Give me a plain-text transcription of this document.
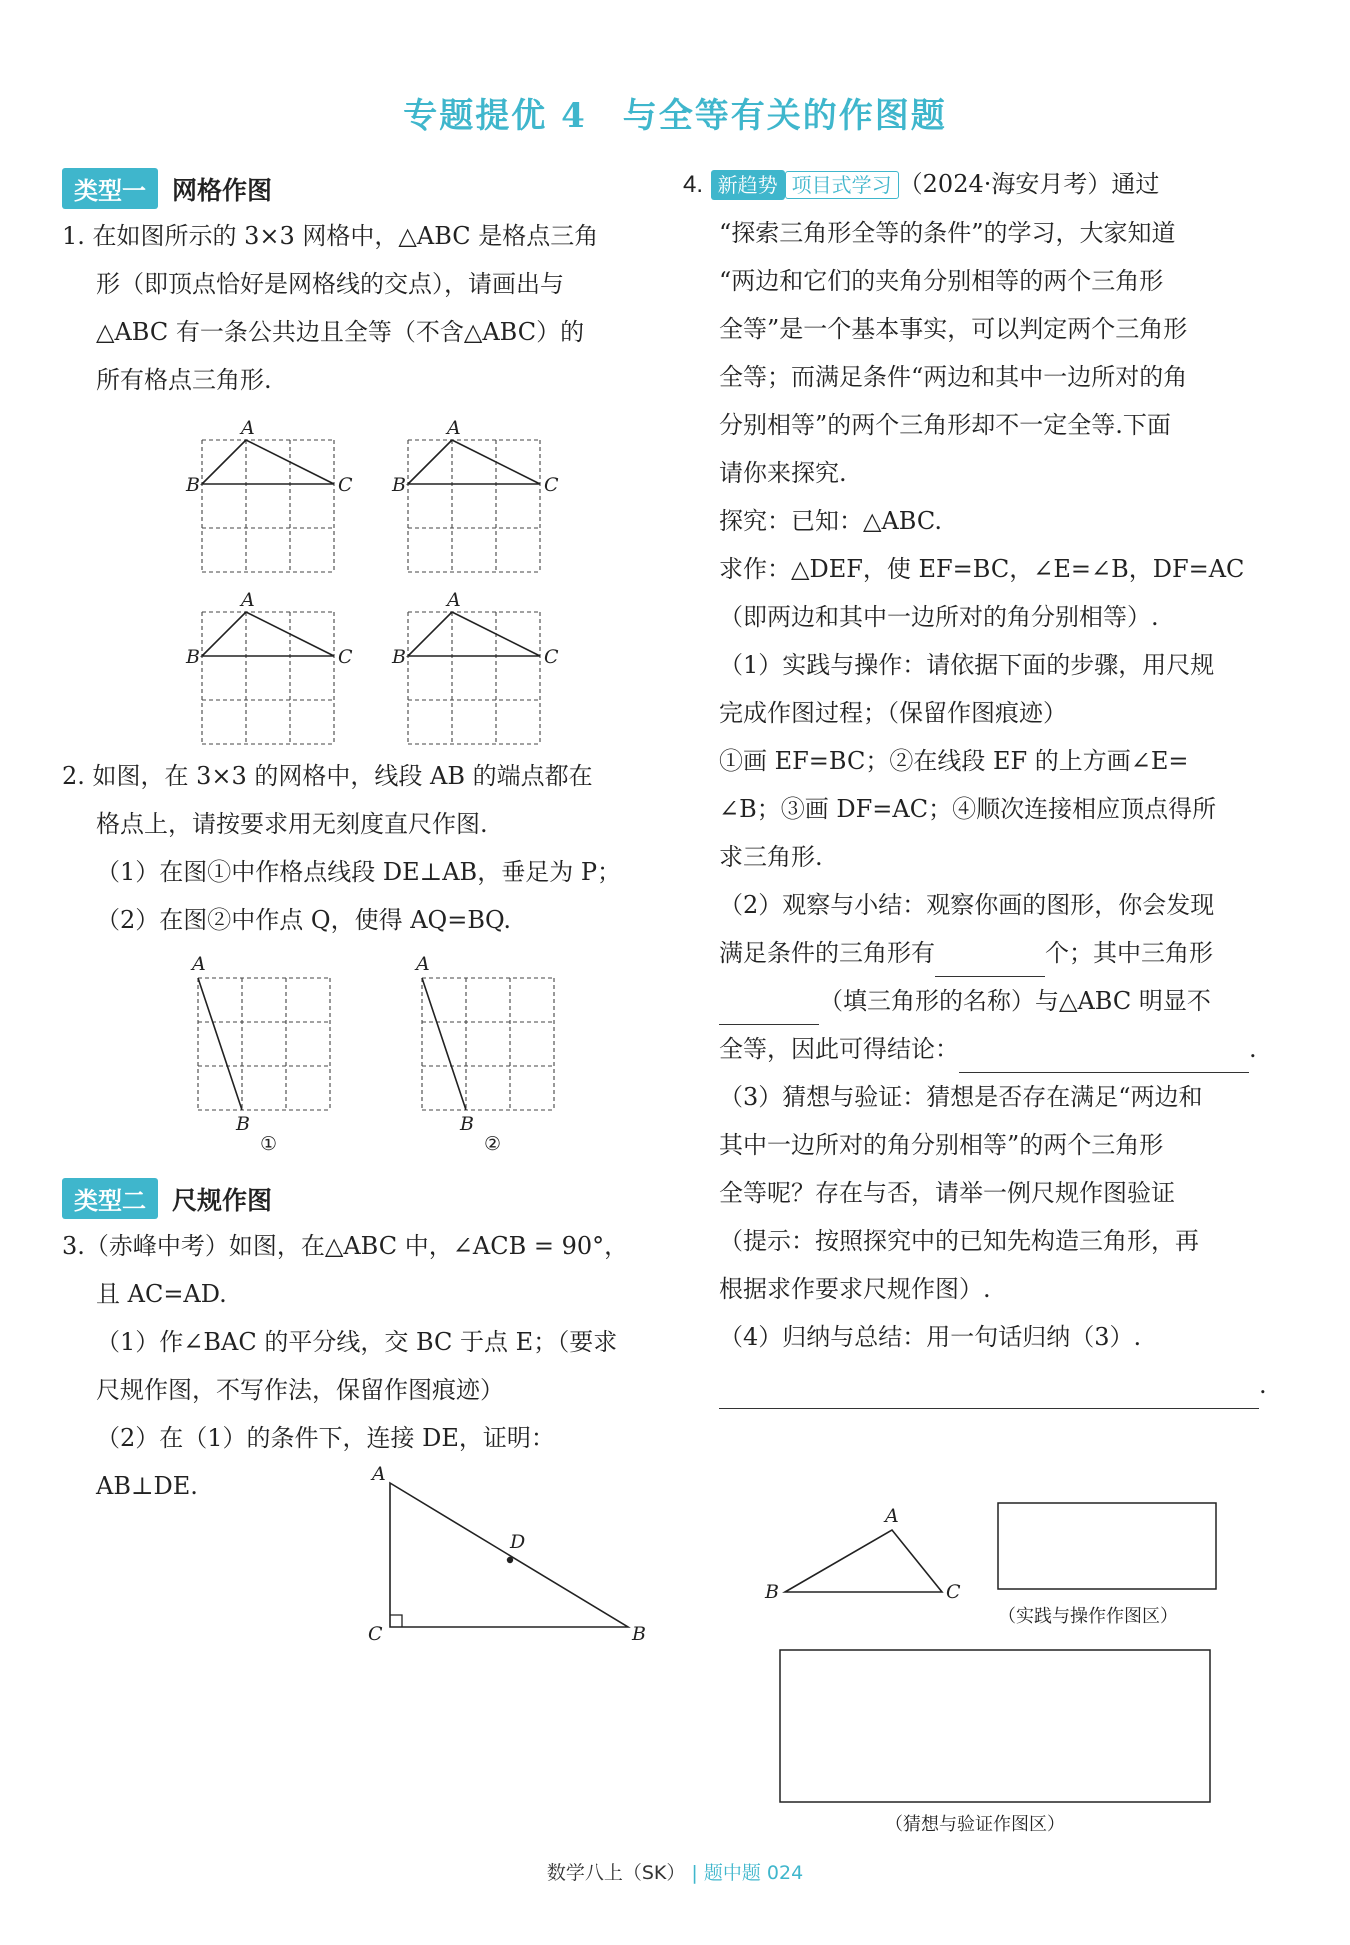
专题提优 4　与全等有关的作图题
类型一 网格作图
1. 在如图所示的 3×3 网格中，△ABC 是格点三角
形（即顶点恰好是网格线的交点），请画出与
△ABC 有一条公共边且全等（不含△ABC）的
所有格点三角形.
A
B	C
A
B	C
A
B	C
A
B	C
2. 如图，在 3×3 的网格中，线段 AB 的端点都在
格点上，请按要求用无刻度直尺作图.
（1）在图①中作格点线段 DE⊥AB，垂足为 P；
（2）在图②中作点 Q，使得 AQ=BQ.
A
B
A
B
①	②
类型二 尺规作图
3.（赤峰中考）如图，在△ABC 中，∠ACB = 90°，
且 AC=AD.
（1）作∠BAC 的平分线，交 BC 于点 E；（要求
尺规作图，不写作法，保留作图痕迹）
（2）在（1）的条件下，连接 DE，证明：AB⊥DE.	A
C	B
D
4. 新趋势 项目式学习 （2024·海安月考）通过
“探索三角形全等的条件”的学习，大家知道
“两边和它们的夹角分别相等的两个三角形
全等”是一个基本事实，可以判定两个三角形
全等；而满足条件“两边和其中一边所对的角
分别相等”的两个三角形却不一定全等.下面
请你来探究.
探究：已知：△ABC.
求作：△DEF，使 EF=BC，∠E=∠B，DF=AC
（即两边和其中一边所对的角分别相等）.
（1）实践与操作：请依据下面的步骤，用尺规
完成作图过程；（保留作图痕迹）
①画 EF=BC；②在线段 EF 的上方画∠E=
∠B；③画 DF=AC；④顺次连接相应顶点得所
求三角形.
（2）观察与小结：观察你画的图形，你会发现
满足条件的三角形有	个；其中三角形
（填三角形的名称）与△ABC 明显不
全等，因此可得结论：	.
（3）猜想与验证：猜想是否存在满足“两边和
其中一边所对的角分别相等”的两个三角形
全等呢？存在与否，请举一例尺规作图验证
（提示：按照探究中的已知先构造三角形，再
根据求作要求尺规作图）.
（4）归纳与总结：用一句话归纳（3）.
.
A
B	C
（实践与操作作图区）
（猜想与验证作图区）
数学八上（SK） | 题中题 024
